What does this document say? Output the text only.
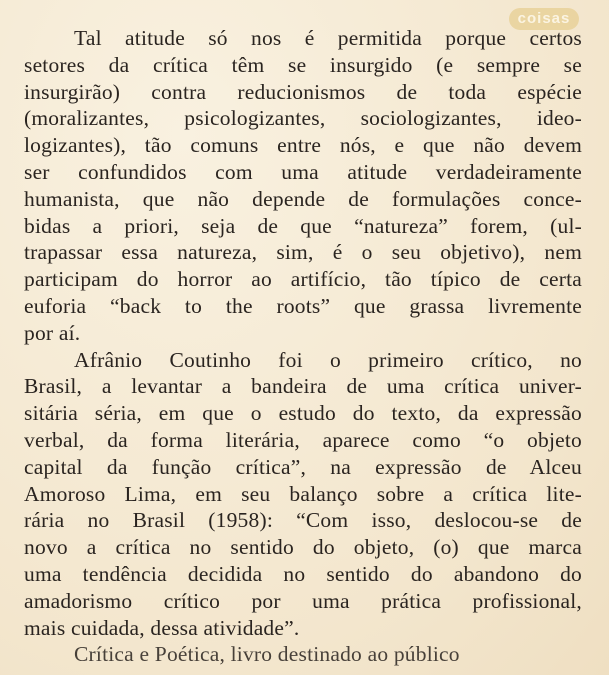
coisas
Tal atitude só nos é permitida porque certos
setores da crítica têm se insurgido (e sempre se
insurgirão) contra reducionismos de toda espécie
(moralizantes, psicologizantes, sociologizantes, ideo-
logizantes), tão comuns entre nós, e que não devem
ser confundidos com uma atitude verdadeiramente
humanista, que não depende de formulações conce-
bidas a priori, seja de que “natureza” forem, (ul-
trapassar essa natureza, sim, é o seu objetivo), nem
participam do horror ao artifício, tão típico de certa
euforia “back to the roots” que grassa livremente
por aí.
Afrânio Coutinho foi o primeiro crítico, no
Brasil, a levantar a bandeira de uma crítica univer-
sitária séria, em que o estudo do texto, da expressão
verbal, da forma literária, aparece como “o objeto
capital da função crítica”, na expressão de Alceu
Amoroso Lima, em seu balanço sobre a crítica lite-
rária no Brasil (1958): “Com isso, deslocou-se de
novo a crítica no sentido do objeto, (o) que marca
uma tendência decidida no sentido do abandono do
amadorismo crítico por uma prática profissional,
mais cuidada, dessa atividade”.
Crítica e Poética, livro destinado ao público
